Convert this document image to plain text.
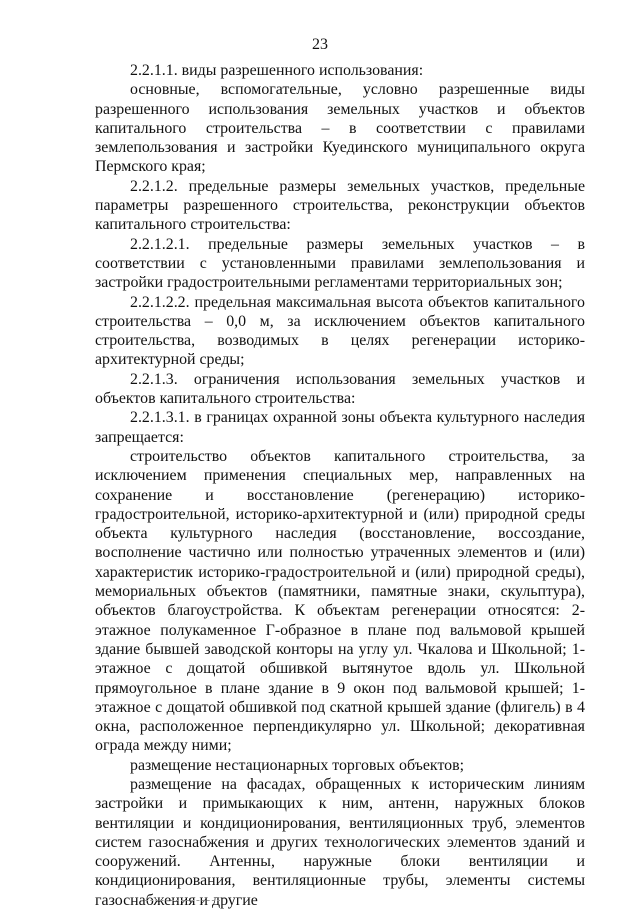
23

2.2.1.1. виды разрешенного использования:

основные, вспомогательные, условно разрешенные виды разрешенного использования земельных участков и объектов капитального строительства – в соответствии с правилами землепользования и застройки Куединского муниципального округа Пермского края;

2.2.1.2. предельные размеры земельных участков, предельные параметры разрешенного строительства, реконструкции объектов капитального строительства:

2.2.1.2.1. предельные размеры земельных участков – в соответствии с установленными правилами землепользования и застройки градостроительными регламентами территориальных зон;

2.2.1.2.2. предельная максимальная высота объектов капитального строительства – 0,0 м, за исключением объектов капитального строительства, возводимых в целях регенерации историко-архитектурной среды;

2.2.1.3. ограничения использования земельных участков и объектов капитального строительства:

2.2.1.3.1. в границах охранной зоны объекта культурного наследия запрещается:

строительство объектов капитального строительства, за исключением применения специальных мер, направленных на сохранение и восстановление (регенерацию) историко-градостроительной, историко-архитектурной и (или) природной среды объекта культурного наследия (восстановление, воссоздание, восполнение частично или полностью утраченных элементов и (или) характеристик историко-градостроительной и (или) природной среды), мемориальных объектов (памятники, памятные знаки, скульптура), объектов благоустройства. К объектам регенерации относятся: 2-этажное полукаменное Г-образное в плане под вальмовой крышей здание бывшей заводской конторы на углу ул. Чкалова и Школьной; 1-этажное с дощатой обшивкой вытянутое вдоль ул. Школьной прямоугольное в плане здание в 9 окон под вальмовой крышей; 1-этажное с дощатой обшивкой под скатной крышей здание (флигель) в 4 окна, расположенное перпендикулярно ул. Школьной; декоративная ограда между ними;

размещение нестационарных торговых объектов;

размещение на фасадах, обращенных к историческим линиям застройки и примыкающих к ним, антенн, наружных блоков вентиляции и кондиционирования, вентиляционных труб, элементов систем газоснабжения и других технологических элементов зданий и сооружений. Антенны, наружные блоки вентиляции и кондиционирования, вентиляционные трубы, элементы системы газоснабжения и другие
